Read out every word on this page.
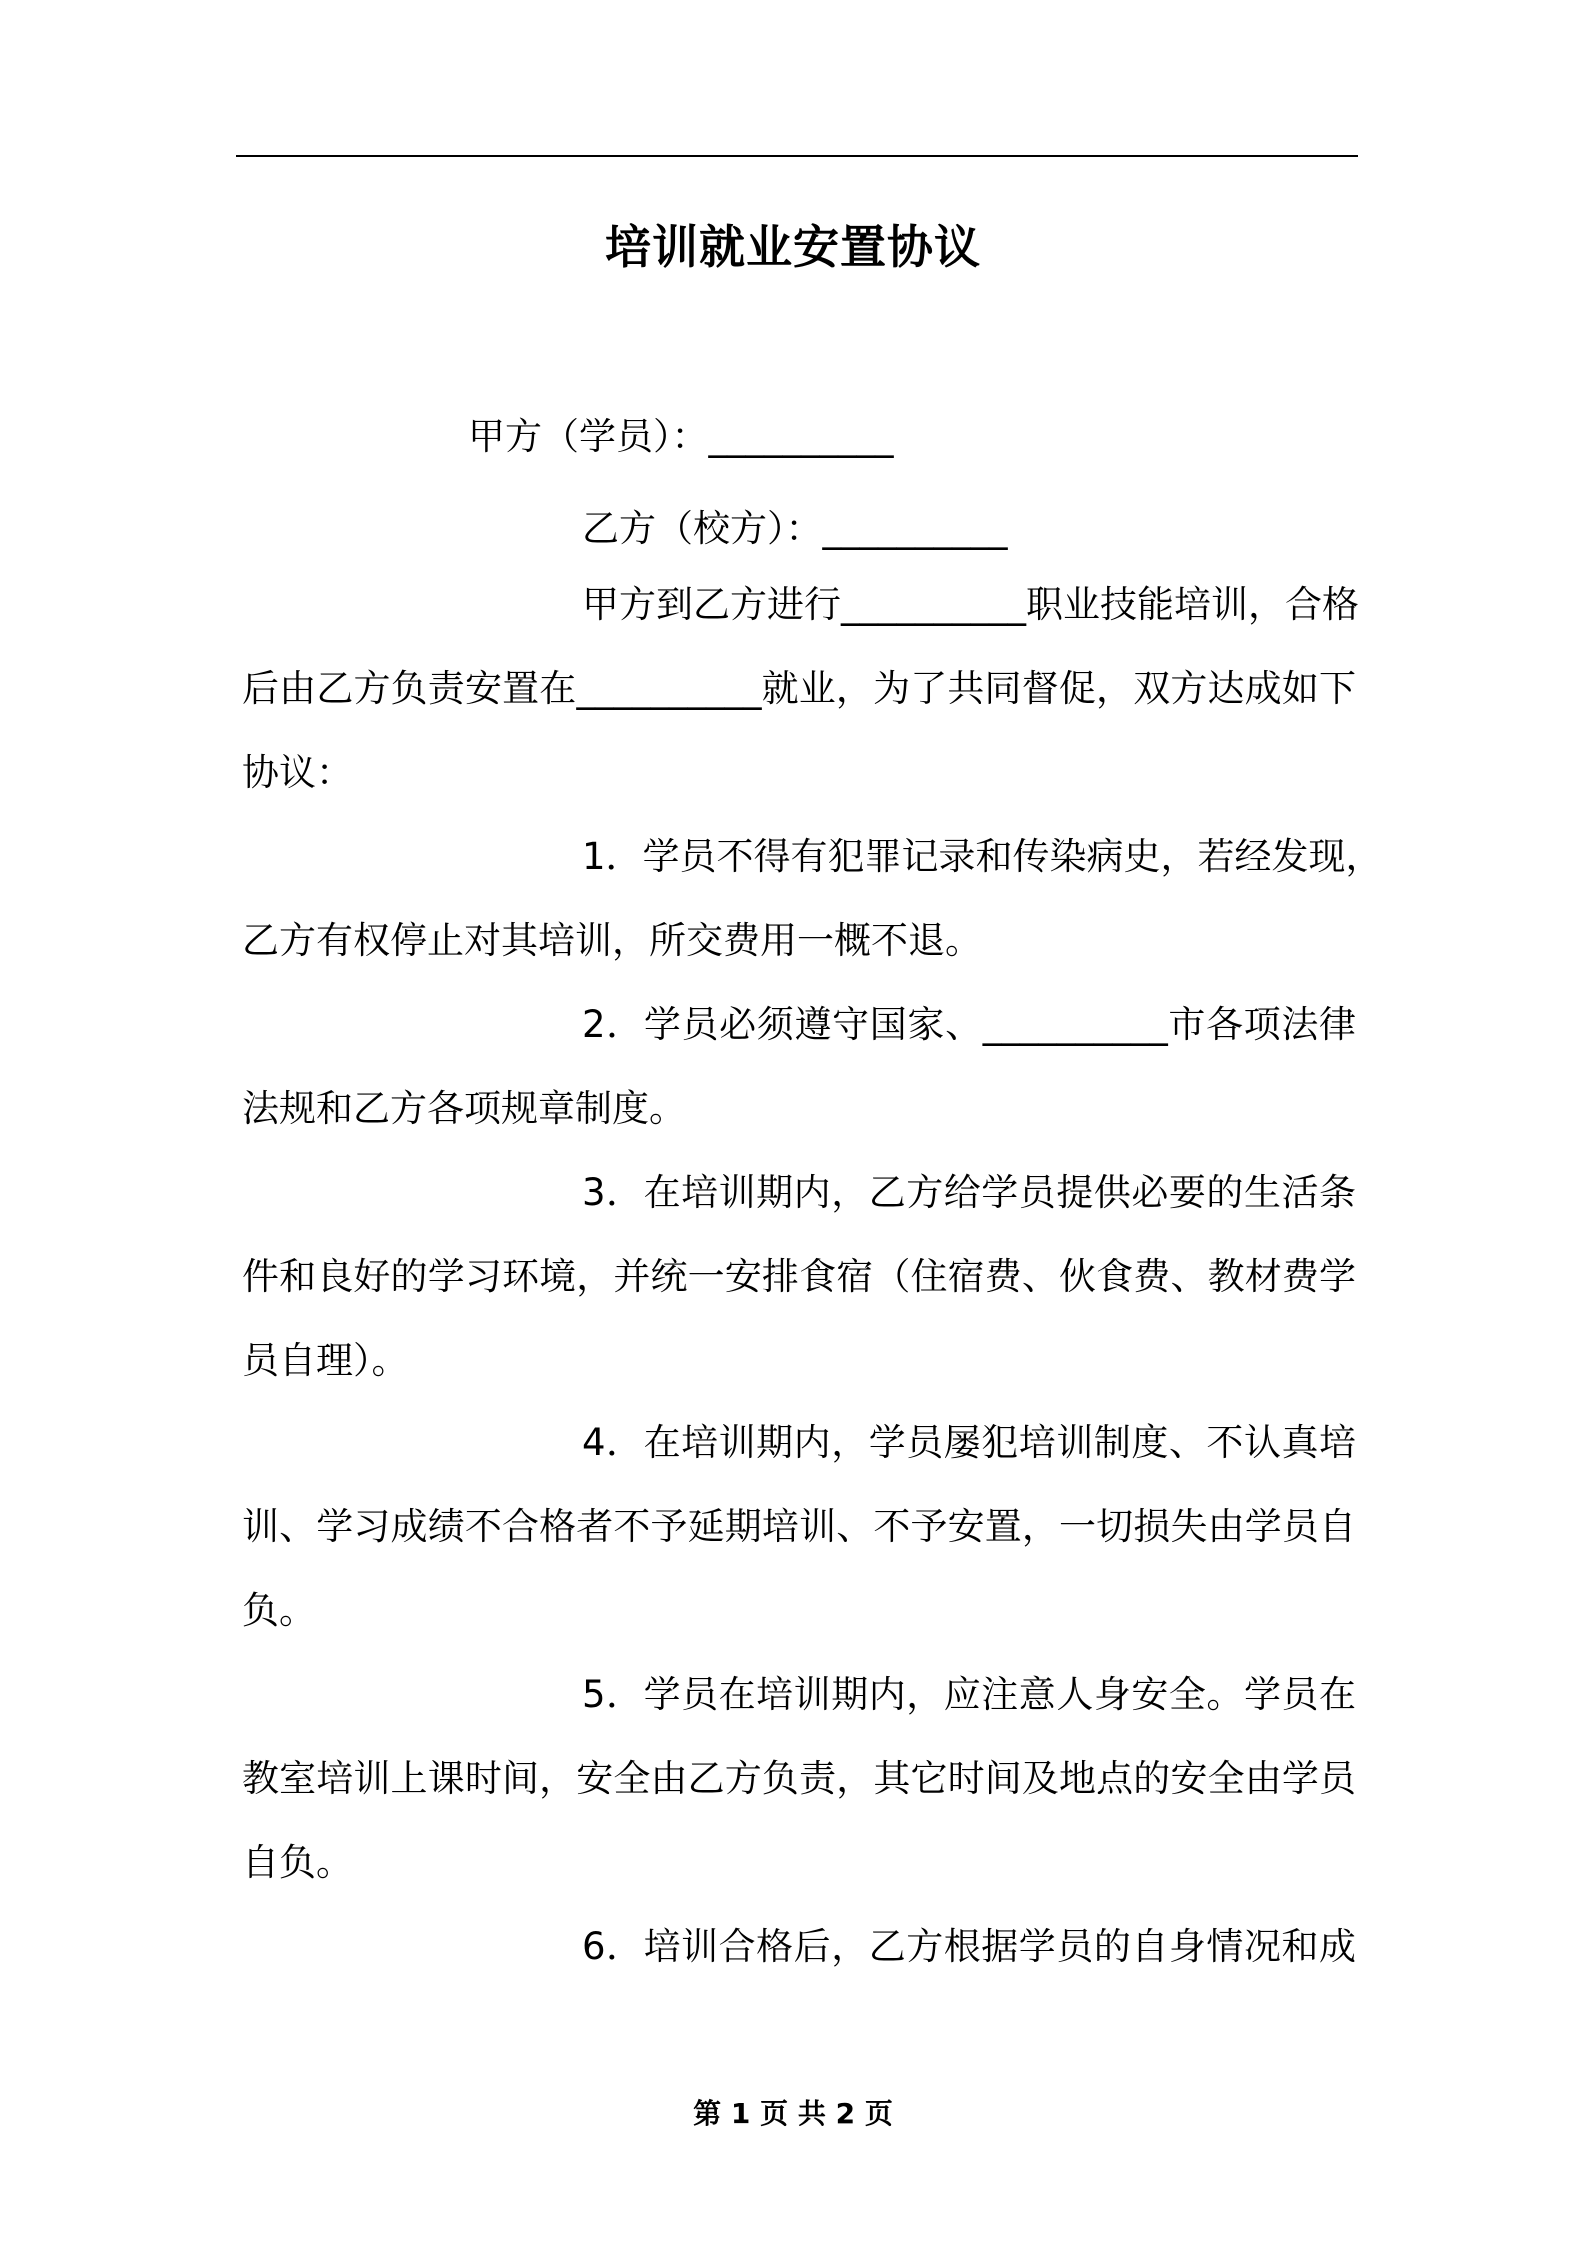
培训就业安置协议
甲方（学员）：__________
乙方（校方）：__________
甲方到乙方进行__________职业技能培训，合格
后由乙方负责安置在__________就业，为了共同督促，双方达成如下
协议：
1．学员不得有犯罪记录和传染病史，若经发现，
乙方有权停止对其培训，所交费用一概不退。
2．学员必须遵守国家、__________市各项法律
法规和乙方各项规章制度。
3．在培训期内，乙方给学员提供必要的生活条
件和良好的学习环境，并统一安排食宿（住宿费、伙食费、教材费学
员自理）。
4．在培训期内，学员屡犯培训制度、不认真培
训、学习成绩不合格者不予延期培训、不予安置，一切损失由学员自
负。
5．学员在培训期内，应注意人身安全。学员在
教室培训上课时间，安全由乙方负责，其它时间及地点的安全由学员
自负。
6．培训合格后，乙方根据学员的自身情况和成
第 1 页 共 2 页
